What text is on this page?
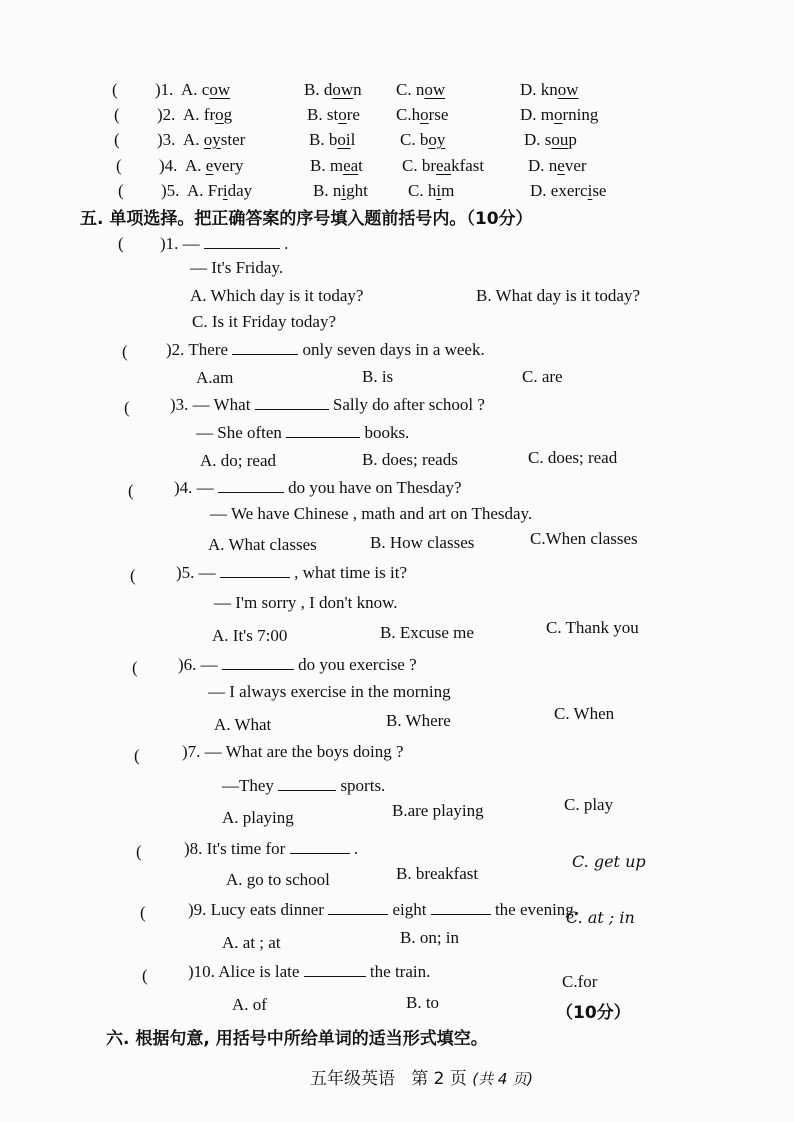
(	)1. A. cow	B. down C. now	D. know
(	)2. A. frog	B. store C.horse	D. morning
(	)3. A. oyster	B. boil	C. boy	D. soup
(	)4. A. every	B. meat C. breakfast	D. never
(	)5. A. Friday	B. night C. him	D. exercise
五. 单项选择。把正确答案的序号填入题前括号内。（10分）
(	)1. —	.
— It's Friday.
A. Which day is it today?	B. What day is it today?
C. Is it Friday today?
(	)2. There	only seven days in a week.
A.am	B. is	C. are
(	)3. — What	Sally do after school ?
— She often	books.
A. do; read	B. does; reads	C. does; read
(	)4. —	do you have on Thesday?
— We have Chinese , math and art on Thesday.
A. What classes	B. How classes	C.When classes
(	)5. —	, what time is it?
— I'm sorry , I don't know.
A. It's 7:00	B. Excuse me	C. Thank you
(	)6. —	do you exercise ?
— I always exercise in the morning
A. What	B. Where	C. When
(	)7. — What are the boys doing ?
—They	sports.
A. playing	B.are playing	C. play
(	)8. It's time for	.
A. go to school	B. breakfast
C. get up
(	)9. Lucy eats dinner	eight	the evening.
A. at ; at	B. on; in
C. at ; in
(	)10. Alice is late	the train.
A. of	B. to
C.for
六. 根据句意, 用括号中所给单词的适当形式填空。
（10分）
五年级英语 第 2 页 (共 4 页)
